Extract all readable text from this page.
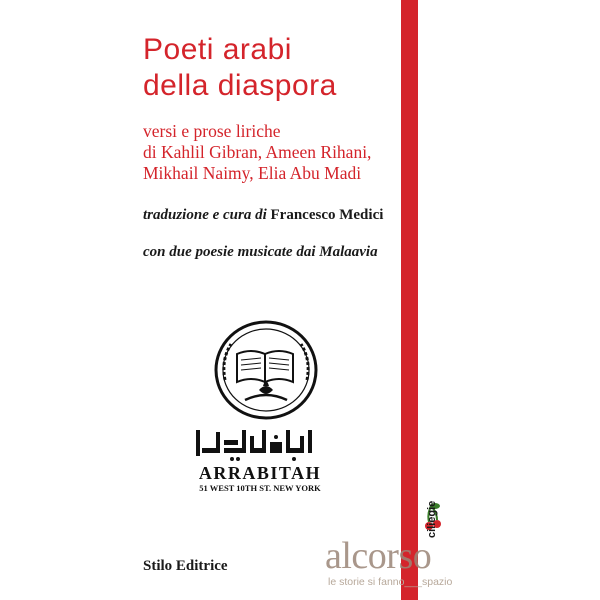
Poeti arabi
della diaspora
versi e prose liriche
di Kahlil Gibran, Ameen Rihani,
Mikhail Naimy, Elia Abu Madi
traduzione e cura di Francesco Medici
con due poesie musicate dai Malaavia
ARRABITAH
51 WEST 10TH ST. NEW YORK
Stilo Editrice
ciliegie
alcorso
le storie si fanno___spazio
